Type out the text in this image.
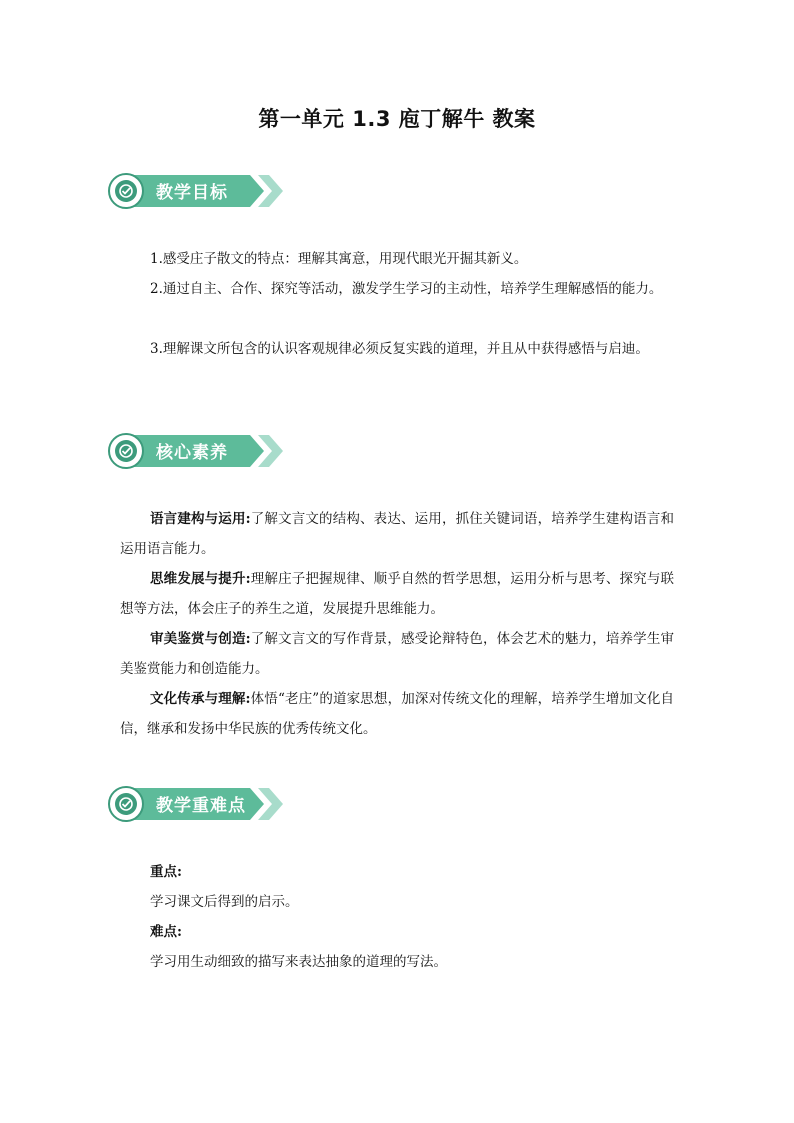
第一单元 1.3 庖丁解牛 教案
教学目标

1.感受庄子散文的特点：理解其寓意，用现代眼光开掘其新义。

2.通过自主、合作、探究等活动，激发学生学习的主动性，培养学生理解感悟的能力。

3.理解课文所包含的认识客观规律必须反复实践的道理，并且从中获得感悟与启迪。

核心素养

语言建构与运用:了解文言文的结构、表达、运用，抓住关键词语，培养学生建构语言和运用语言能力。

思维发展与提升:理解庄子把握规律、顺乎自然的哲学思想，运用分析与思考、探究与联想等方法，体会庄子的养生之道，发展提升思维能力。

审美鉴赏与创造:了解文言文的写作背景，感受论辩特色，体会艺术的魅力，培养学生审美鉴赏能力和创造能力。

文化传承与理解:体悟“老庄”的道家思想，加深对传统文化的理解，培养学生增加文化自信，继承和发扬中华民族的优秀传统文化。

教学重难点

重点:

学习课文后得到的启示。

难点:

学习用生动细致的描写来表达抽象的道理的写法。
